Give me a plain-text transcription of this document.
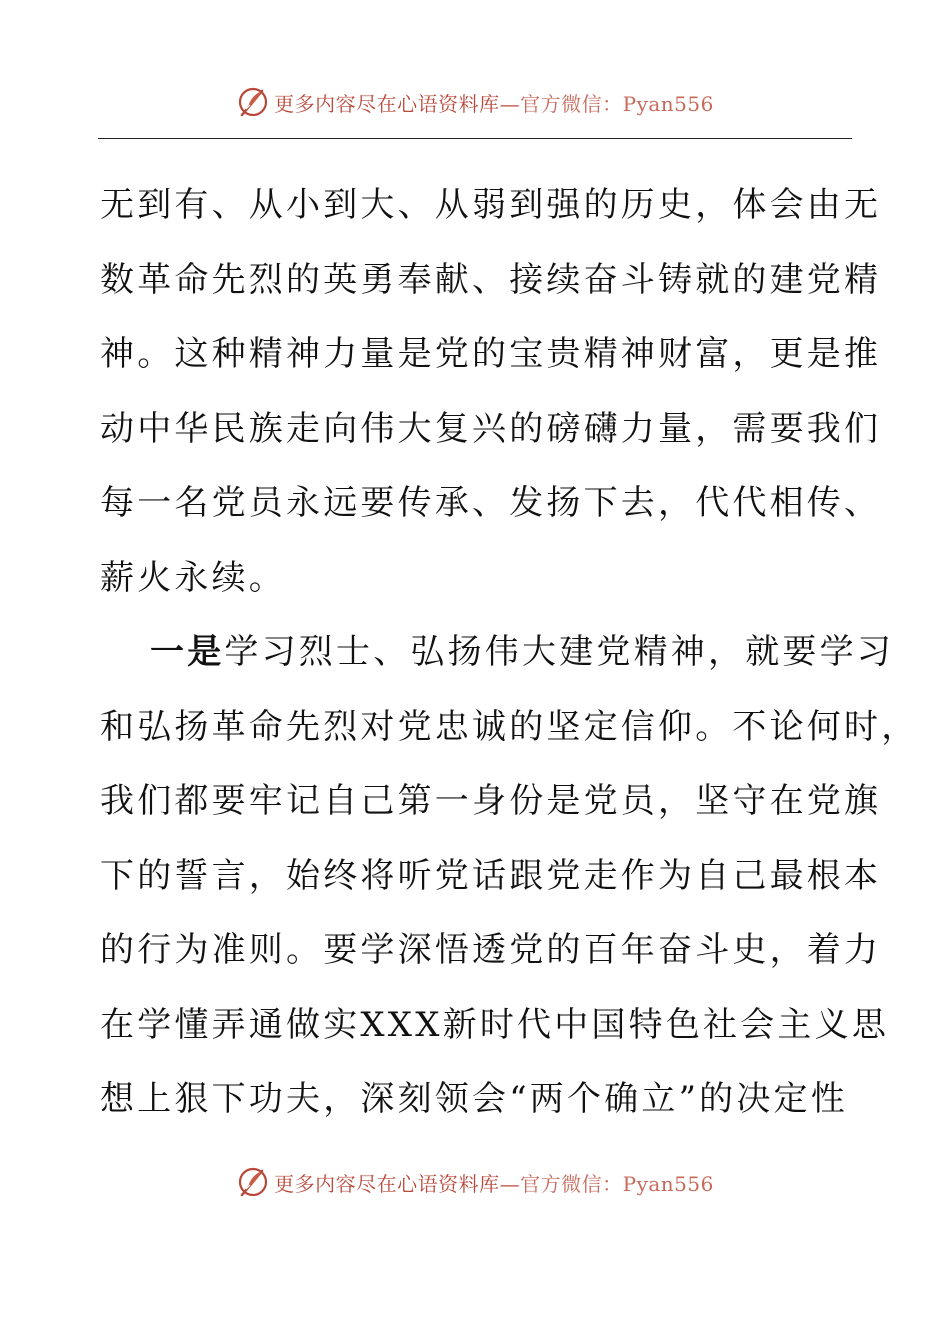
更多内容尽在心语资料库—官方微信：Pyan556
无到有、从小到大、从弱到强的历史，体会由无
数革命先烈的英勇奉献、接续奋斗铸就的建党精
神。这种精神力量是党的宝贵精神财富，更是推
动中华民族走向伟大复兴的磅礴力量，需要我们
每一名党员永远要传承、发扬下去，代代相传、
薪火永续。
一是学习烈士、弘扬伟大建党精神，就要学习
和弘扬革命先烈对党忠诚的坚定信仰。不论何时，
我们都要牢记自己第一身份是党员，坚守在党旗
下的誓言，始终将听党话跟党走作为自己最根本
的行为准则。要学深悟透党的百年奋斗史，着力
在学懂弄通做实XXX新时代中国特色社会主义思
想上狠下功夫，深刻领会“两个确立”的决定性
更多内容尽在心语资料库—官方微信：Pyan556
